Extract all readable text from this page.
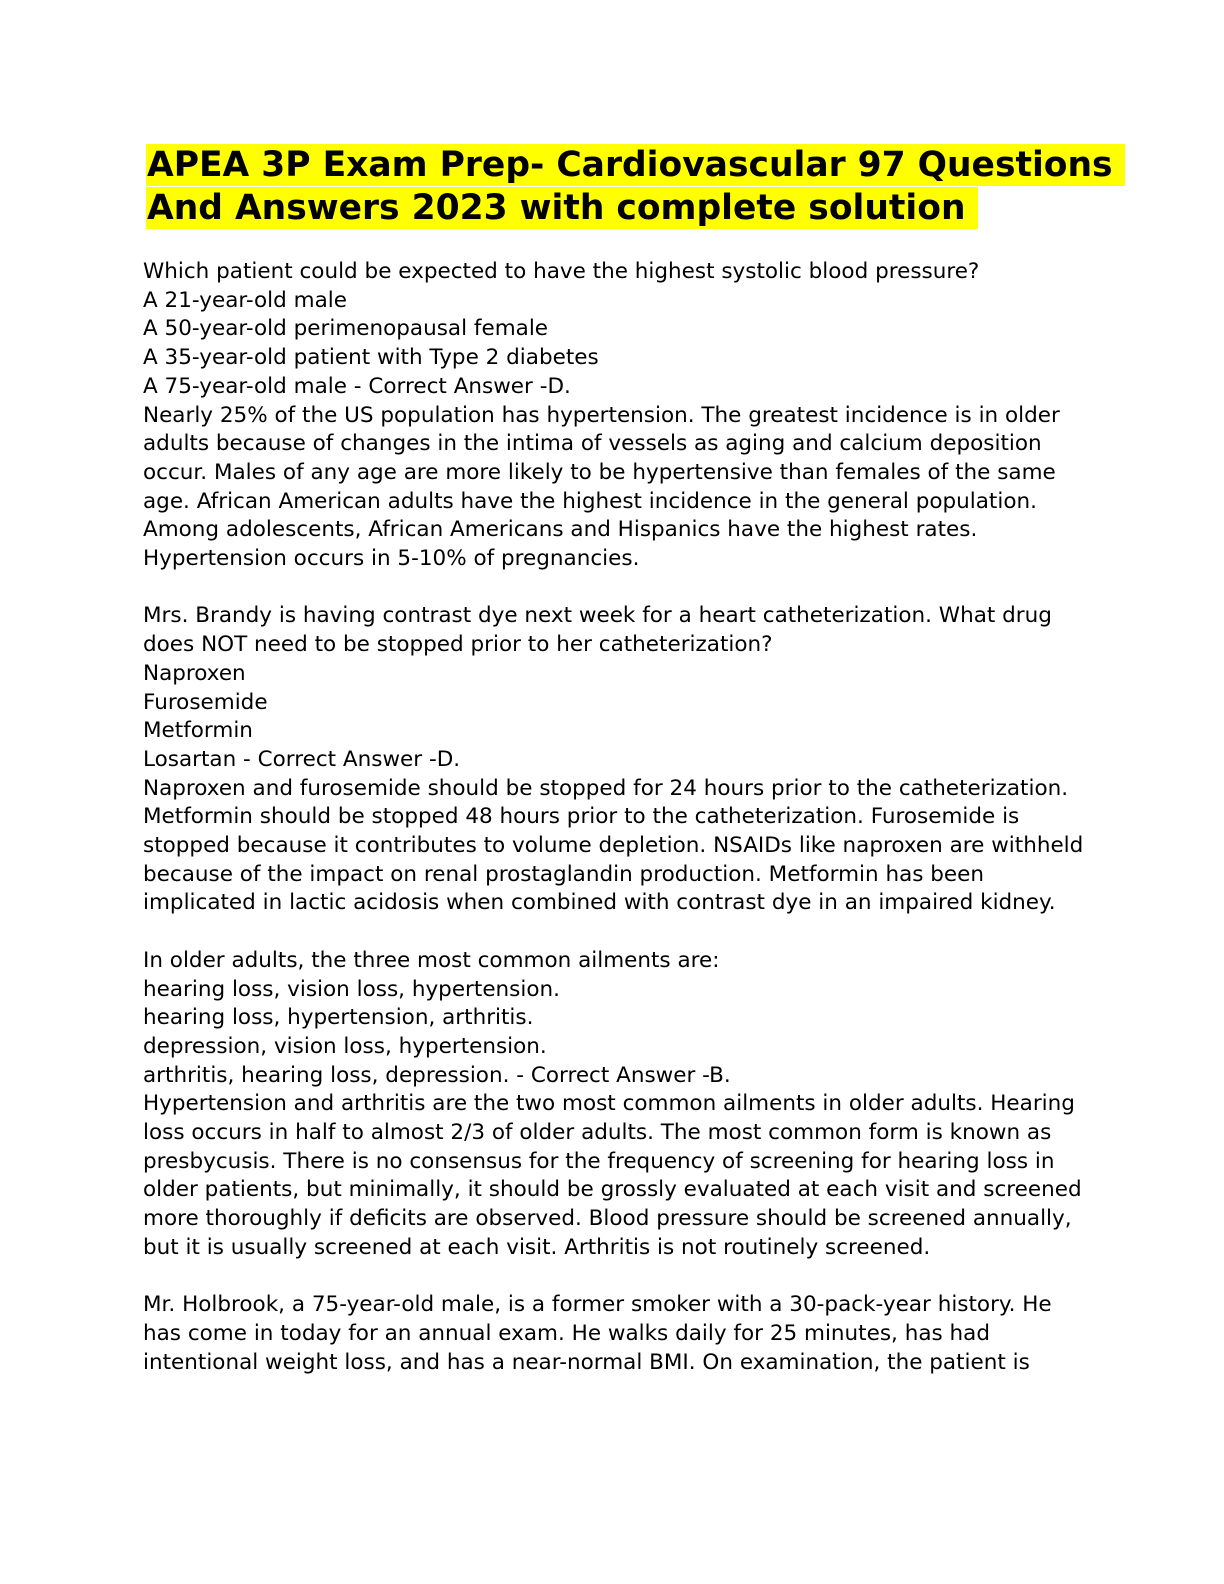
APEA 3P Exam Prep- Cardiovascular 97 Questions
And Answers 2023 with complete solution
Which patient could be expected to have the highest systolic blood pressure?
A 21-year-old male
A 50-year-old perimenopausal female
A 35-year-old patient with Type 2 diabetes
A 75-year-old male - Correct Answer -D.
Nearly 25% of the US population has hypertension. The greatest incidence is in older
adults because of changes in the intima of vessels as aging and calcium deposition
occur. Males of any age are more likely to be hypertensive than females of the same
age. African American adults have the highest incidence in the general population.
Among adolescents, African Americans and Hispanics have the highest rates.
Hypertension occurs in 5-10% of pregnancies.
Mrs. Brandy is having contrast dye next week for a heart catheterization. What drug
does NOT need to be stopped prior to her catheterization?
Naproxen
Furosemide
Metformin
Losartan - Correct Answer -D.
Naproxen and furosemide should be stopped for 24 hours prior to the catheterization.
Metformin should be stopped 48 hours prior to the catheterization. Furosemide is
stopped because it contributes to volume depletion. NSAIDs like naproxen are withheld
because of the impact on renal prostaglandin production. Metformin has been
implicated in lactic acidosis when combined with contrast dye in an impaired kidney.
In older adults, the three most common ailments are:
hearing loss, vision loss, hypertension.
hearing loss, hypertension, arthritis.
depression, vision loss, hypertension.
arthritis, hearing loss, depression. - Correct Answer -B.
Hypertension and arthritis are the two most common ailments in older adults. Hearing
loss occurs in half to almost 2/3 of older adults. The most common form is known as
presbycusis. There is no consensus for the frequency of screening for hearing loss in
older patients, but minimally, it should be grossly evaluated at each visit and screened
more thoroughly if deficits are observed. Blood pressure should be screened annually,
but it is usually screened at each visit. Arthritis is not routinely screened.
Mr. Holbrook, a 75-year-old male, is a former smoker with a 30-pack-year history. He
has come in today for an annual exam. He walks daily for 25 minutes, has had
intentional weight loss, and has a near-normal BMI. On examination, the patient is
